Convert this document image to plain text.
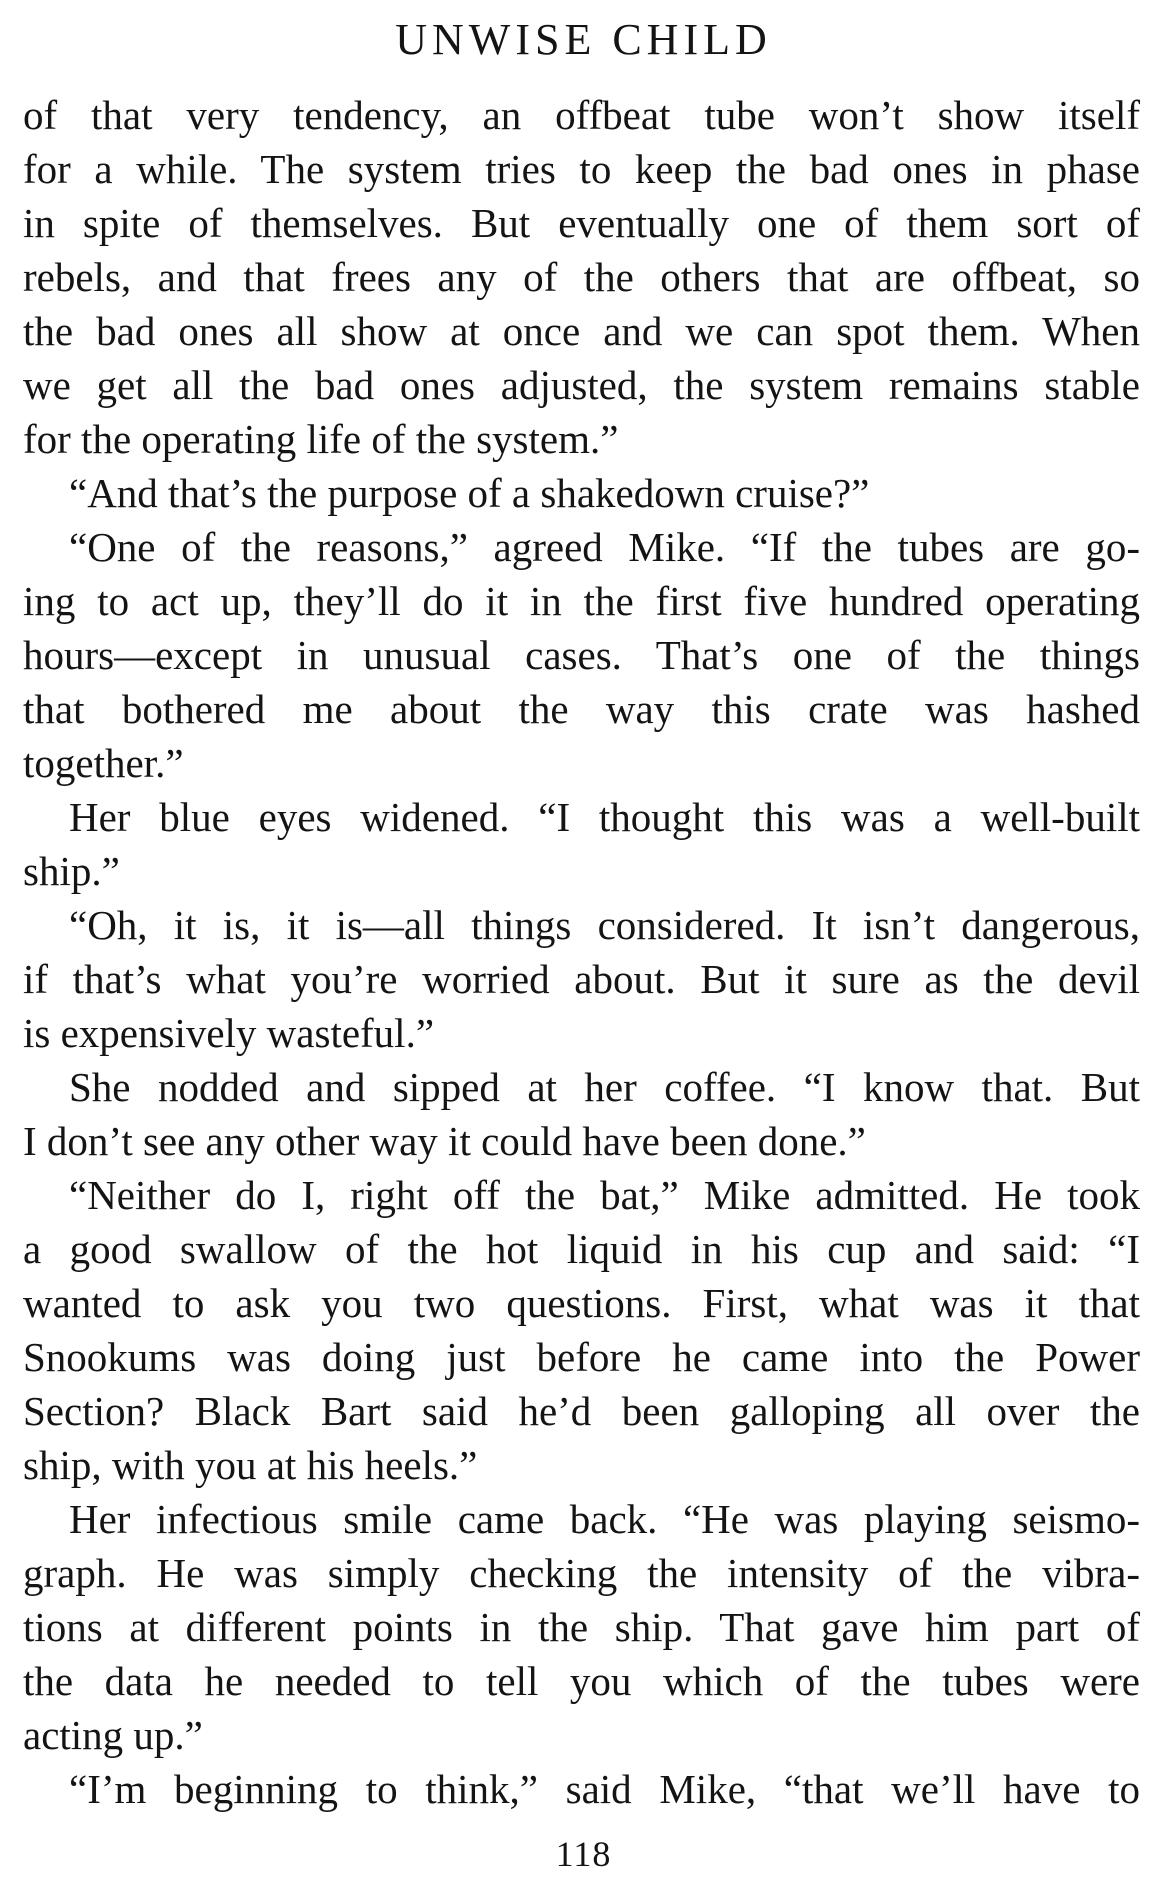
UNWISE CHILD

of that very tendency, an offbeat tube won’t show itself

for a while. The system tries to keep the bad ones in phase

in spite of themselves. But eventually one of them sort of

rebels, and that frees any of the others that are offbeat, so

the bad ones all show at once and we can spot them. When

we get all the bad ones adjusted, the system remains stable

for the operating life of the system.”

“And that’s the purpose of a shakedown cruise?”

“One of the reasons,” agreed Mike. “If the tubes are go-

ing to act up, they’ll do it in the first five hundred operating

hours—except in unusual cases. That’s one of the things

that bothered me about the way this crate was hashed

together.”

Her blue eyes widened. “I thought this was a well-built

ship.”

“Oh, it is, it is—all things considered. It isn’t dangerous,

if that’s what you’re worried about. But it sure as the devil

is expensively wasteful.”

She nodded and sipped at her coffee. “I know that. But

I don’t see any other way it could have been done.”

“Neither do I, right off the bat,” Mike admitted. He took

a good swallow of the hot liquid in his cup and said: “I

wanted to ask you two questions. First, what was it that

Snookums was doing just before he came into the Power

Section? Black Bart said he’d been galloping all over the

ship, with you at his heels.”

Her infectious smile came back. “He was playing seismo-

graph. He was simply checking the intensity of the vibra-

tions at different points in the ship. That gave him part of

the data he needed to tell you which of the tubes were

acting up.”

“I’m beginning to think,” said Mike, “that we’ll have to

118
